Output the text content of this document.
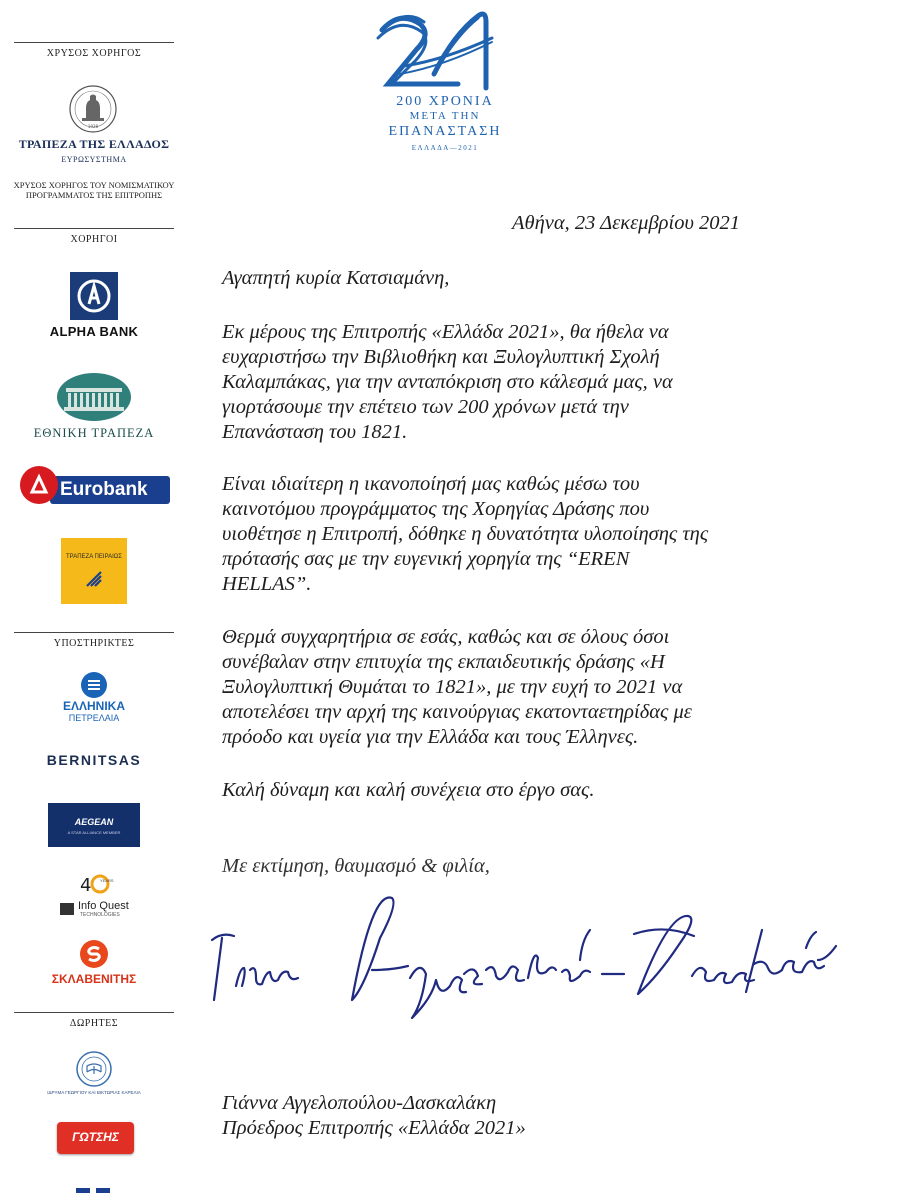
ΧΡΥΣΟΣ ΧΟΡΗΓΟΣ
1928
ΤΡΑΠΕΖΑ ΤΗΣ ΕΛΛΑΔΟΣ
ΕΥΡΩΣΥΣΤΗΜΑ
ΧΡΥΣΟΣ ΧΟΡΗΓΟΣ ΤΟΥ ΝΟΜΙΣΜΑΤΙΚΟΥ
ΠΡΟΓΡΑΜΜΑΤΟΣ ΤΗΣ ΕΠΙΤΡΟΠΗΣ
ΧΟΡΗΓΟΙ
ALPHA BANK
ΕΘΝΙΚΗ ΤΡΑΠΕΖΑ
Eurobank
ΤΡΑΠΕΖΑ ΠΕΙΡΑΙΩΣ
ΥΠΟΣΤΗΡΙΚΤΕΣ
ΕΛΛΗΝΙΚΑ
ΠΕΤΡΕΛΑΙΑ
BERNITSAS
AEGEAN
A STAR ALLIANCE MEMBER
4 YEARS
Info Quest
TECHNOLOGIES
ΣΚΛΑΒΕΝΙΤΗΣ
ΔΩΡΗΤΕΣ
ΙΔΡΥΜΑ ΓΕΩΡΓΙΟΥ ΚΑΙ ΒΙΚΤΩΡΙΑΣ ΚΑΡΕΛΙΑ
ΓΩΤΣΗΣ
200 ΧΡΟΝΙΑ
ΜΕΤΑ ΤΗΝ
ΕΠΑΝΑΣΤΑΣΗ
ΕΛΛΑΔΑ—2021
Αθήνα, 23 Δεκεμβρίου 2021
Αγαπητή κυρία Κατσιαμάνη,
Εκ μέρους της Επιτροπής «Ελλάδα 2021», θα ήθελα να
ευχαριστήσω την Βιβλιοθήκη και Ξυλογλυπτική Σχολή
Καλαμπάκας, για την ανταπόκριση στο κάλεσμά μας, να
γιορτάσουμε την επέτειο των 200 χρόνων μετά την
Επανάσταση του 1821.
Είναι ιδιαίτερη η ικανοποίησή μας καθώς μέσω του
καινοτόμου προγράμματος της Χορηγίας Δράσης που
υιοθέτησε η Επιτροπή, δόθηκε η δυνατότητα υλοποίησης της
πρότασής σας με την ευγενική χορηγία της “EREN
HELLAS”.
Θερμά συγχαρητήρια σε εσάς, καθώς και σε όλους όσοι
συνέβαλαν στην επιτυχία της εκπαιδευτικής δράσης «Η
Ξυλογλυπτική Θυμάται το 1821», με την ευχή το 2021 να
αποτελέσει την αρχή της καινούργιας εκατονταετηρίδας με
πρόοδο και υγεία για την Ελλάδα και τους Έλληνες.
Καλή δύναμη και καλή συνέχεια στο έργο σας.
Με εκτίμηση, θαυμασμό & φιλία,
Γιάννα Αγγελοπούλου-Δασκαλάκη
Πρόεδρος Επιτροπής «Ελλάδα 2021»
